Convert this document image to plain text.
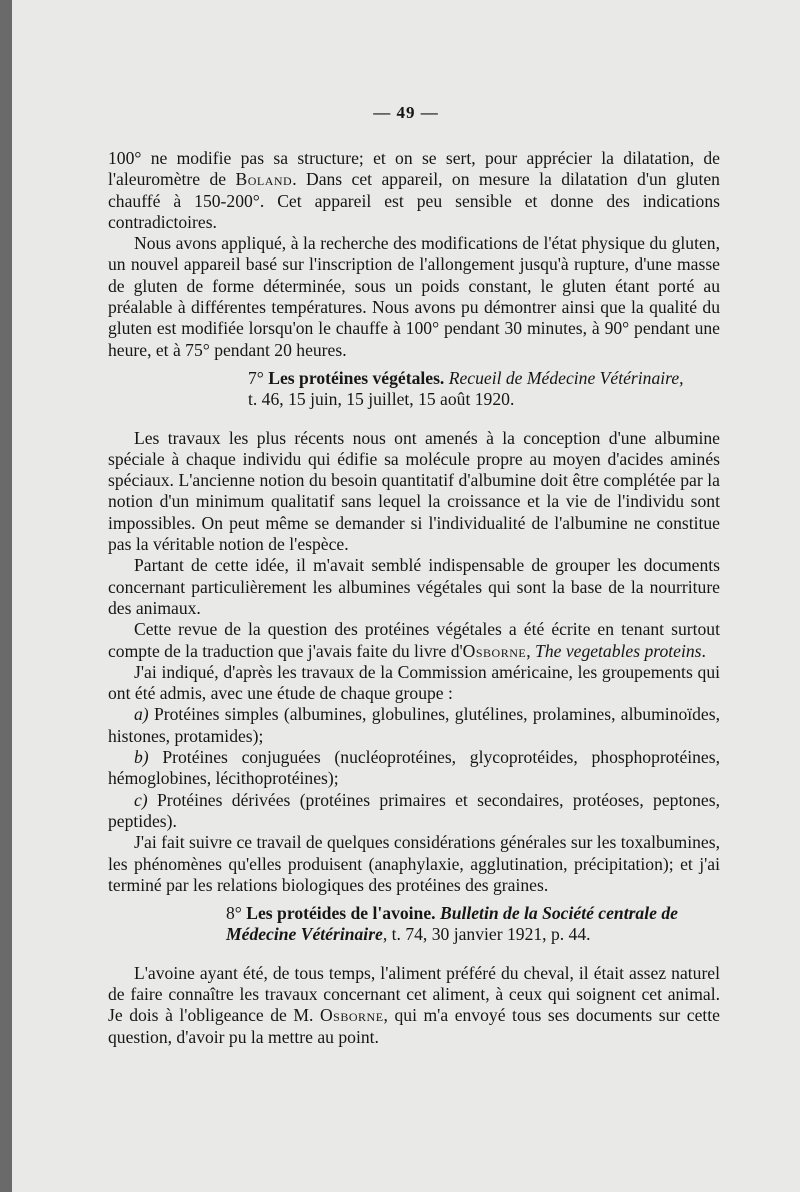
— 49 —

100° ne modifie pas sa structure; et on se sert, pour apprécier la dilatation, de l'aleuromètre de Boland. Dans cet appareil, on mesure la dilatation d'un gluten chauffé à 150-200°. Cet appareil est peu sensible et donne des indications contradictoires.

Nous avons appliqué, à la recherche des modifications de l'état physique du gluten, un nouvel appareil basé sur l'inscription de l'allongement jusqu'à rupture, d'une masse de gluten de forme déterminée, sous un poids constant, le gluten étant porté au préalable à différentes températures. Nous avons pu démontrer ainsi que la qualité du gluten est modifiée lorsqu'on le chauffe à 100° pendant 30 minutes, à 90° pendant une heure, et à 75° pendant 20 heures.

7° Les protéines végétales. Recueil de Médecine Vétérinaire,
t. 46, 15 juin, 15 juillet, 15 août 1920.

Les travaux les plus récents nous ont amenés à la conception d'une albumine spéciale à chaque individu qui édifie sa molécule propre au moyen d'acides aminés spéciaux. L'ancienne notion du besoin quantitatif d'albumine doit être complétée par la notion d'un minimum qualitatif sans lequel la croissance et la vie de l'individu sont impossibles. On peut même se demander si l'individualité de l'albumine ne constitue pas la véritable notion de l'espèce.

Partant de cette idée, il m'avait semblé indispensable de grouper les documents concernant particulièrement les albumines végétales qui sont la base de la nourriture des animaux.

Cette revue de la question des protéines végétales a été écrite en tenant surtout compte de la traduction que j'avais faite du livre d'Osborne, The vegetables proteins.

J'ai indiqué, d'après les travaux de la Commission américaine, les groupements qui ont été admis, avec une étude de chaque groupe :

a) Protéines simples (albumines, globulines, glutélines, prolamines, albuminoïdes, histones, protamides);

b) Protéines conjuguées (nucléoprotéines, glycoprotéides, phosphoprotéines, hémoglobines, lécithoprotéines);

c) Protéines dérivées (protéines primaires et secondaires, protéoses, peptones, peptides).

J'ai fait suivre ce travail de quelques considérations générales sur les toxalbumines, les phénomènes qu'elles produisent (anaphylaxie, agglutination, précipitation); et j'ai terminé par les relations biologiques des protéines des graines.

8° Les protéides de l'avoine. Bulletin de la Société centrale de Médecine Vétérinaire, t. 74, 30 janvier 1921, p. 44.

L'avoine ayant été, de tous temps, l'aliment préféré du cheval, il était assez naturel de faire connaître les travaux concernant cet aliment, à ceux qui soignent cet animal. Je dois à l'obligeance de M. Osborne, qui m'a envoyé tous ses documents sur cette question, d'avoir pu la mettre au point.
